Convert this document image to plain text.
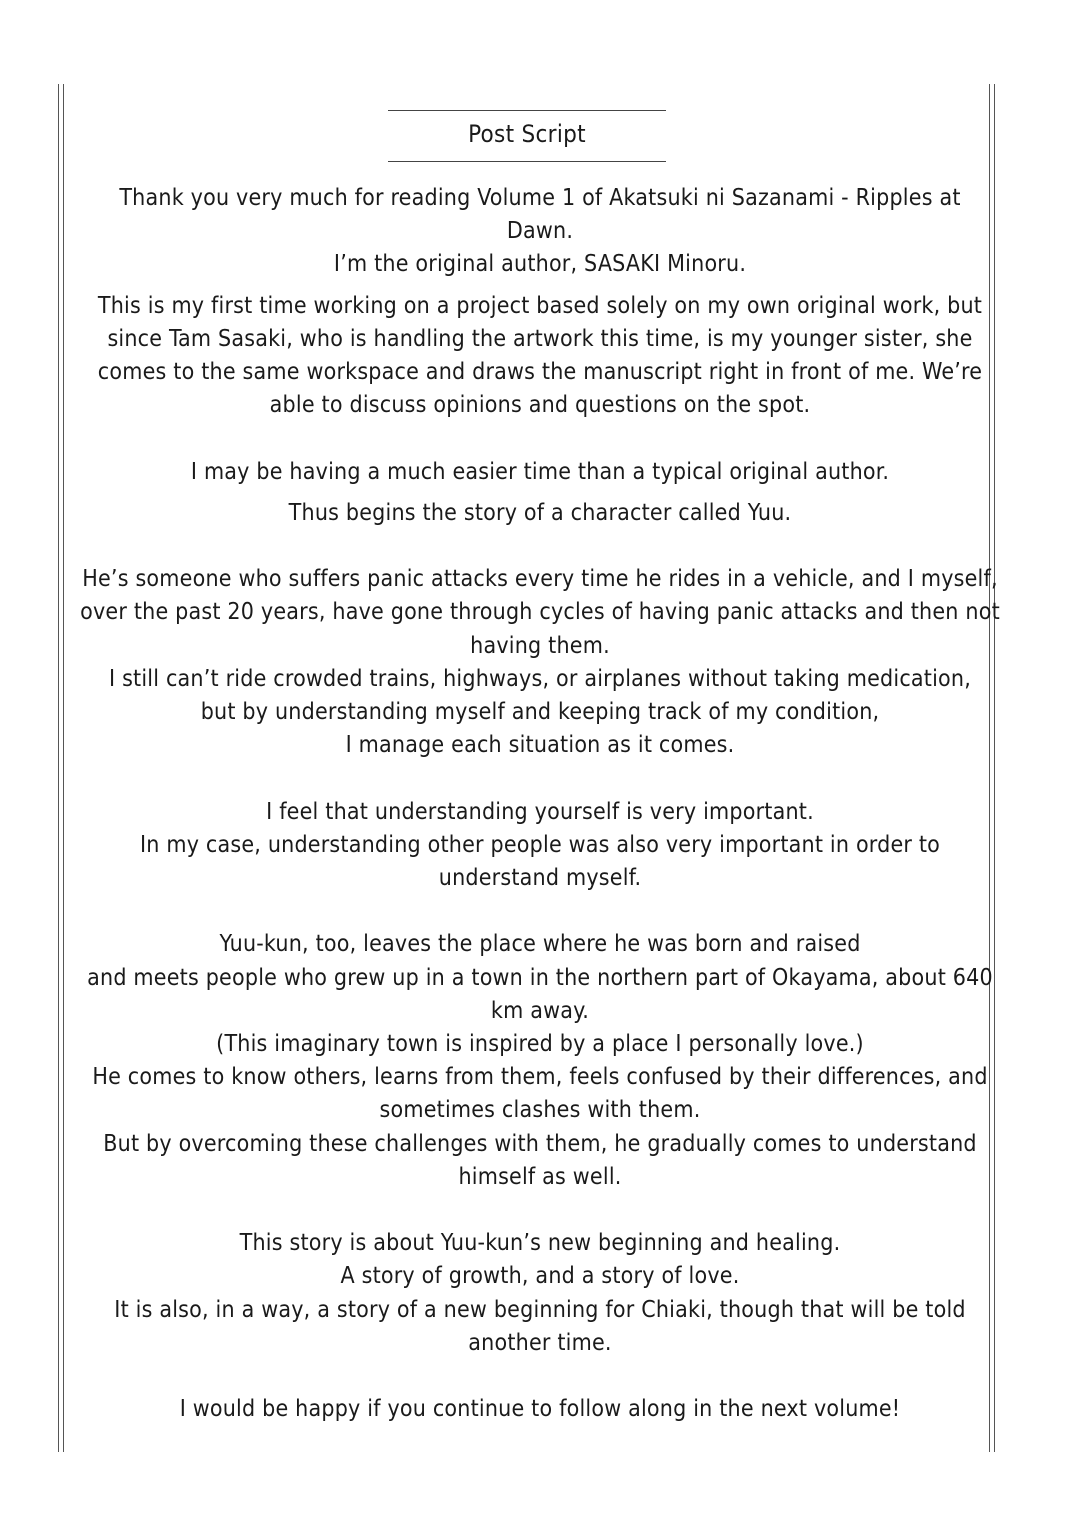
Post Script
Thank you very much for reading Volume 1 of Akatsuki ni Sazanami - Ripples at
Dawn.
I’m the original author, SASAKI Minoru.
This is my first time working on a project based solely on my own original work, but
since Tam Sasaki, who is handling the artwork this time, is my younger sister, she
comes to the same workspace and draws the manuscript right in front of me. We’re
able to discuss opinions and questions on the spot.
I may be having a much easier time than a typical original author.
Thus begins the story of a character called Yuu.
He’s someone who suffers panic attacks every time he rides in a vehicle, and I myself,
over the past 20 years, have gone through cycles of having panic attacks and then not
having them.
I still can’t ride crowded trains, highways, or airplanes without taking medication,
but by understanding myself and keeping track of my condition,
I manage each situation as it comes.
I feel that understanding yourself is very important.
In my case, understanding other people was also very important in order to
understand myself.
Yuu-kun, too, leaves the place where he was born and raised
and meets people who grew up in a town in the northern part of Okayama, about 640
km away.
(This imaginary town is inspired by a place I personally love.)
He comes to know others, learns from them, feels confused by their differences, and
sometimes clashes with them.
But by overcoming these challenges with them, he gradually comes to understand
himself as well.
This story is about Yuu-kun’s new beginning and healing.
A story of growth, and a story of love.
It is also, in a way, a story of a new beginning for Chiaki, though that will be told
another time.
I would be happy if you continue to follow along in the next volume!
